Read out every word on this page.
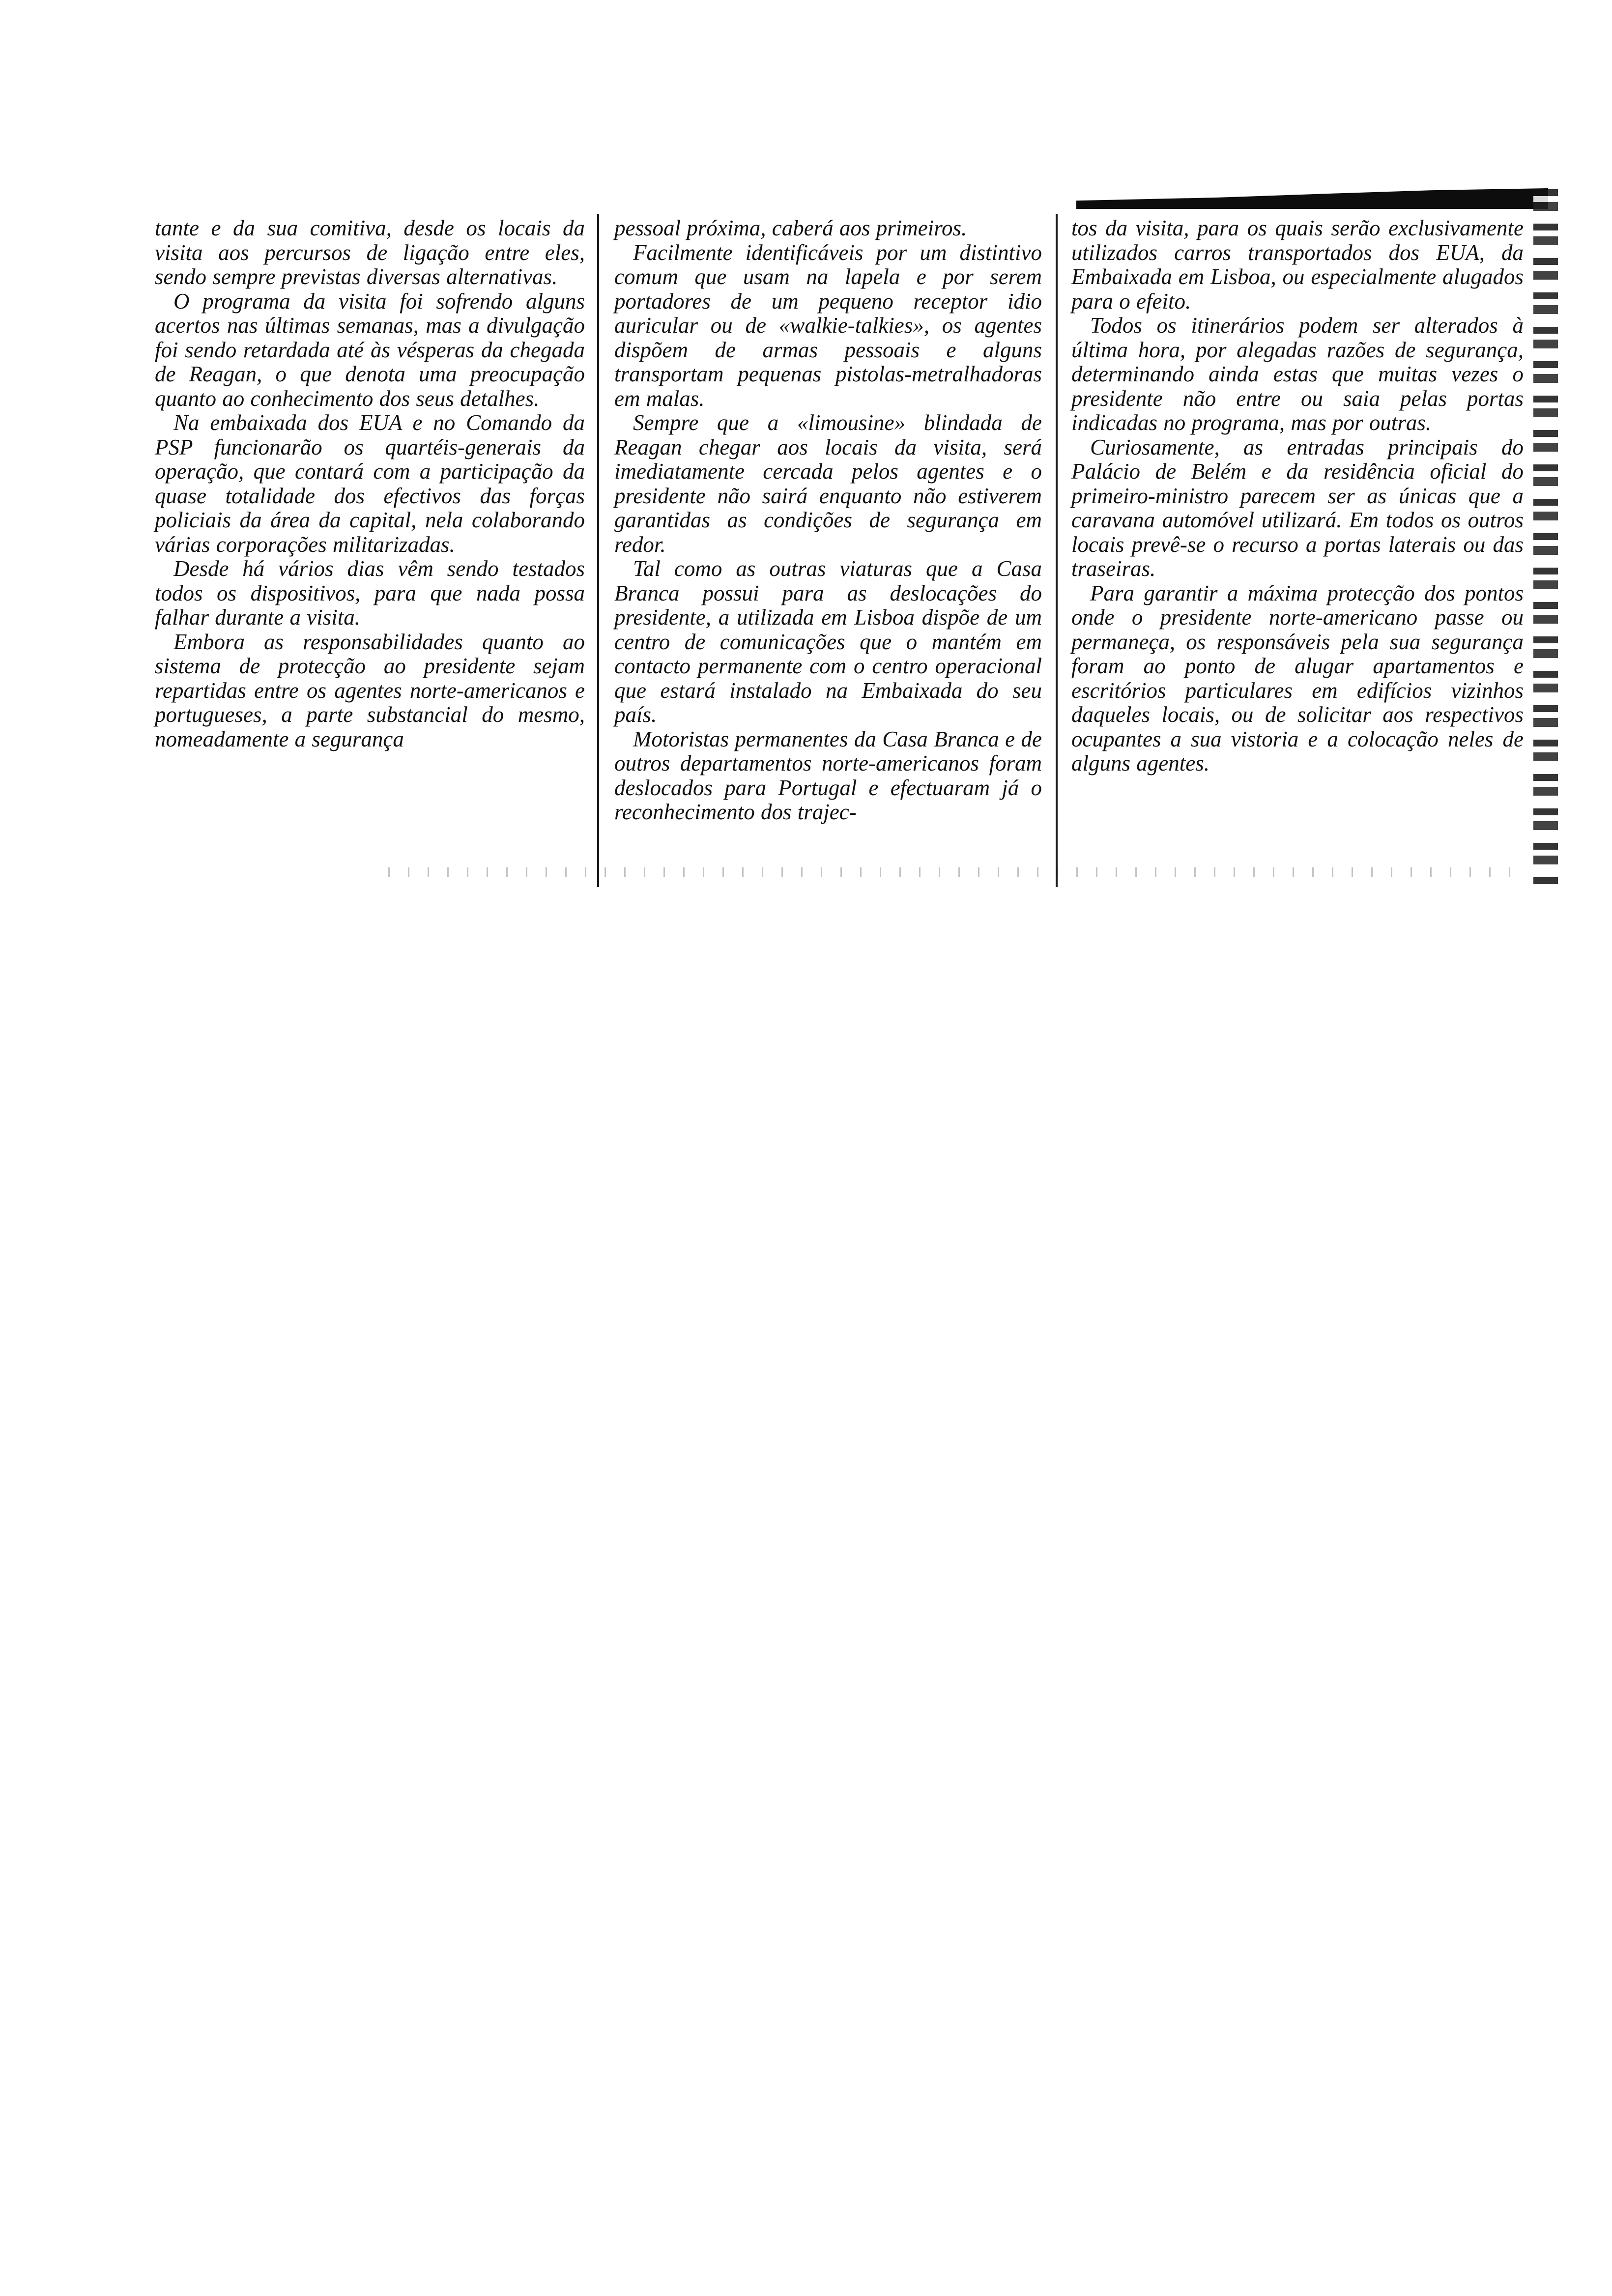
tante e da sua comitiva, desde os locais da visita aos percursos de ligação entre eles, sendo sempre previstas diversas alternativas.

O programa da visita foi sofrendo alguns acertos nas últimas semanas, mas a divulgação foi sendo retardada até às vésperas da chegada de Reagan, o que denota uma preocupação quanto ao conhecimento dos seus detalhes.

Na embaixada dos EUA e no Comando da PSP funcionarão os quartéis-generais da operação, que contará com a participação da quase totalidade dos efectivos das forças policiais da área da capital, nela colaborando várias corporações militarizadas.

Desde há vários dias vêm sendo testados todos os dispositivos, para que nada possa falhar durante a visita.

Embora as responsabilidades quanto ao sistema de protecção ao presidente sejam repartidas entre os agentes norte-americanos e portugueses, a parte substancial do mesmo, nomeadamente a segurança

pessoal próxima, caberá aos primeiros.

Facilmente identificáveis por um distintivo comum que usam na lapela e por serem portadores de um pequeno receptor idio auricular ou de «walkie-talkies», os agentes dispõem de armas pessoais e alguns transportam pequenas pistolas-metralhadoras em malas.

Sempre que a «limousine» blindada de Reagan chegar aos locais da visita, será imediatamente cercada pelos agentes e o presidente não sairá enquanto não estiverem garantidas as condições de segurança em redor.

Tal como as outras viaturas que a Casa Branca possui para as deslocações do presidente, a utilizada em Lisboa dispõe de um centro de comunicações que o mantém em contacto permanente com o centro operacional que estará instalado na Embaixada do seu país.

Motoristas permanentes da Casa Branca e de outros departamentos norte-americanos foram deslocados para Portugal e efectuaram já o reconhecimento dos trajec-

tos da visita, para os quais serão exclusivamente utilizados carros transportados dos EUA, da Embaixada em Lisboa, ou especialmente alugados para o efeito.

Todos os itinerários podem ser alterados à última hora, por alegadas razões de segurança, determinando ainda estas que muitas vezes o presidente não entre ou saia pelas portas indicadas no programa, mas por outras.

Curiosamente, as entradas principais do Palácio de Belém e da residência oficial do primeiro-ministro parecem ser as únicas que a caravana automóvel utilizará. Em todos os outros locais prevê-se o recurso a portas laterais ou das traseiras.

Para garantir a máxima protecção dos pontos onde o presidente norte-americano passe ou permaneça, os responsáveis pela sua segurança foram ao ponto de alugar apartamentos e escritórios particulares em edifícios vizinhos daqueles locais, ou de solicitar aos respectivos ocupantes a sua vistoria e a colocação neles de alguns agentes.
